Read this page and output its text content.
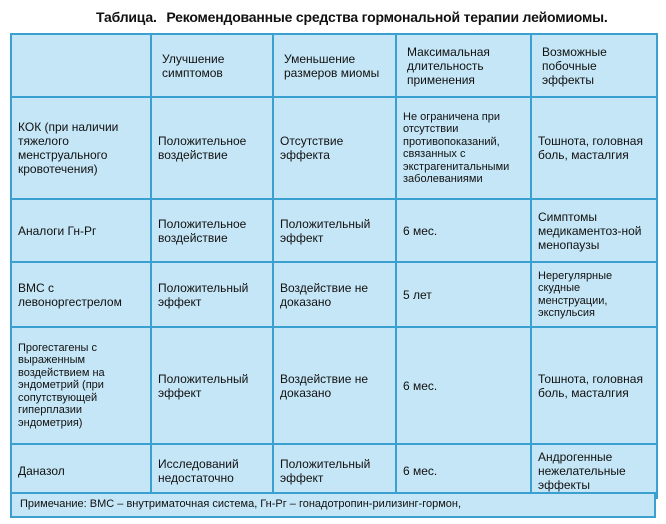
Таблица. Рекомендованные средства гормональной терапии лейомиомы.
	Улучшение симптомов	Уменьшение размеров миомы	Максимальная длительность применения	Возможные побочные эффекты
КОК (при наличии тяжелого менструального кровотечения)	Положительное воздействие	Отсутствие эффекта	Не ограничена при отсутствии противопоказаний, связанных с экстрагенитальными заболеваниями	Тошнота, головная боль, масталгия
Аналоги Гн-Рг	Положительное воздействие	Положительный эффект	6 мес.	Симптомы медикаментоз-ной менопаузы
ВМС с левоноргестрелом	Положительный эффект	Воздействие не доказано	5 лет	Нерегулярные скудные менструации, экспульсия
Прогестагены с выраженным воздействием на эндометрий (при сопутствующей гиперплазии эндометрия)	Положительный эффект	Воздействие не доказано	6 мес.	Тошнота, головная боль, масталгия
Даназол	Исследований недостаточно	Положительный эффект	6 мес.	Андрогенные нежелательные эффекты
Примечание: ВМС – внутриматочная система, Гн-Рг – гонадотропин-рилизинг-гормон,
